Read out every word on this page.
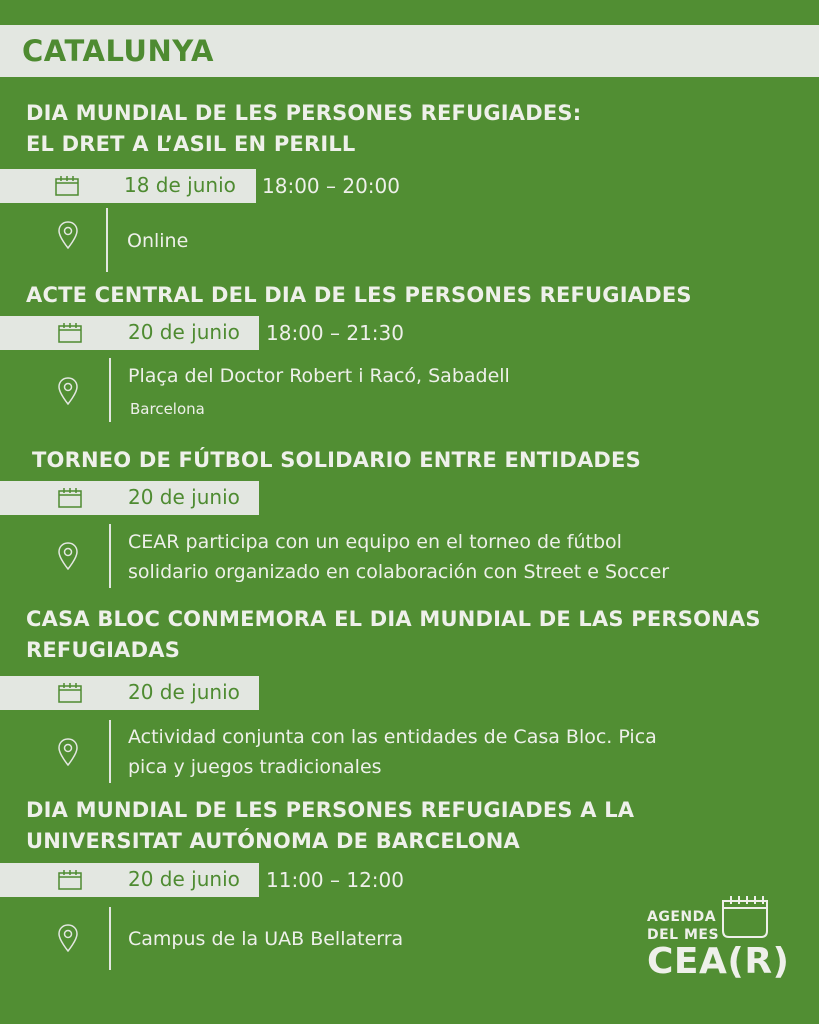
CATALUNYA
DIA MUNDIAL DE LES PERSONES REFUGIADES:
EL DRET A L’ASIL EN PERILL
18 de junio 18:00 – 20:00
Online
ACTE CENTRAL DEL DIA DE LES PERSONES REFUGIADES
20 de junio 18:00 – 21:30
Plaça del Doctor Robert i Racó, Sabadell
Barcelona
TORNEO DE FÚTBOL SOLIDARIO ENTRE ENTIDADES
20 de junio
CEAR participa con un equipo en el torneo de fútbol
solidario organizado en colaboración con Street e Soccer
CASA BLOC CONMEMORA EL DIA MUNDIAL DE LAS PERSONAS
REFUGIADAS
20 de junio
Actividad conjunta con las entidades de Casa Bloc. Pica
pica y juegos tradicionales
DIA MUNDIAL DE LES PERSONES REFUGIADES A LA
UNIVERSITAT AUTÓNOMA DE BARCELONA
20 de junio 11:00 – 12:00
Campus de la UAB Bellaterra
AGENDA
DEL MES
CEA(R)
